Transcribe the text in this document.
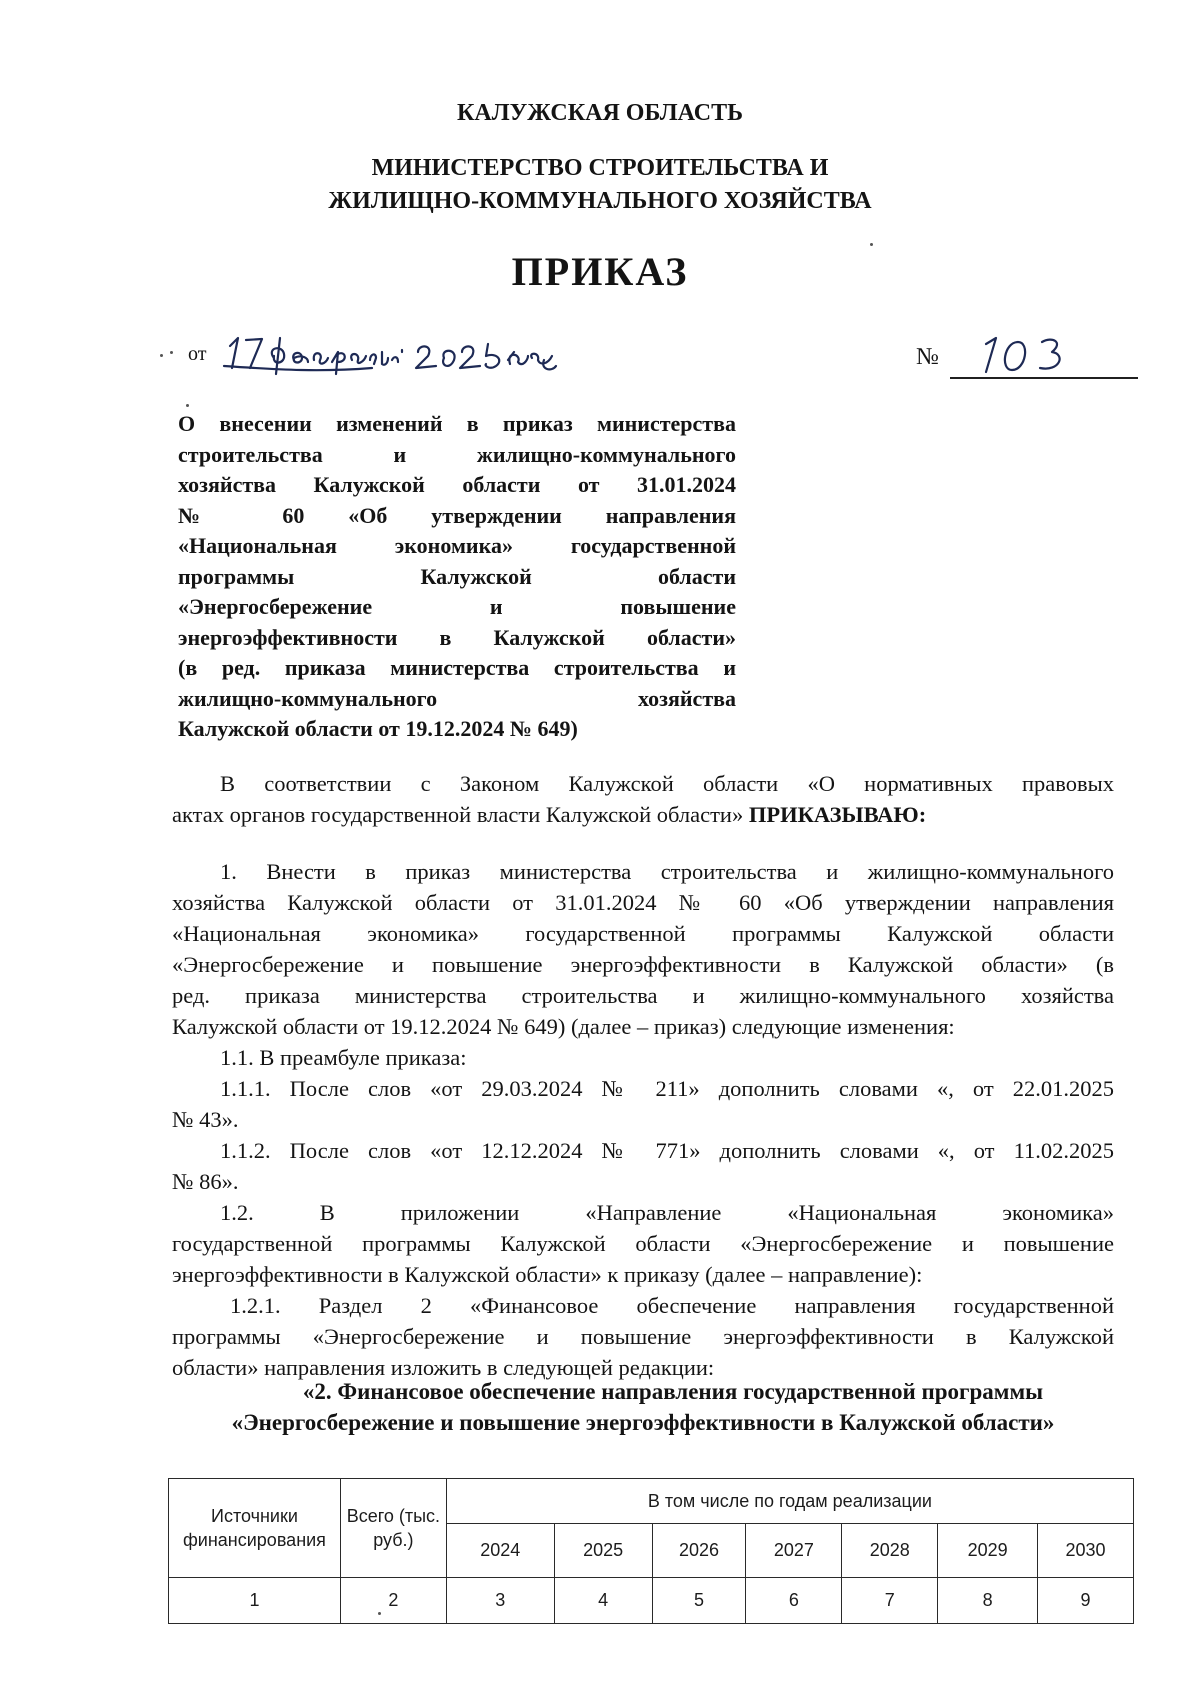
КАЛУЖСКАЯ ОБЛАСТЬ
МИНИСТЕРСТВО СТРОИТЕЛЬСТВА И
ЖИЛИЩНО-КОММУНАЛЬНОГО ХОЗЯЙСТВА
ПРИКАЗ
от	№
О внесении изменений в приказ министерства
строительства и жилищно-коммунального
хозяйства Калужской области от 31.01.2024
№ 60 «Об утверждении направления
«Национальная экономика» государственной
программы Калужской области
«Энергосбережение и повышение
энергоэффективности в Калужской области»
(в ред. приказа министерства строительства и
жилищно-коммунального хозяйства
Калужской области от 19.12.2024 № 649)
В соответствии с Законом Калужской области «О нормативных правовых
актах органов государственной власти Калужской области» ПРИКАЗЫВАЮ:
1. Внести в приказ министерства строительства и жилищно-коммунального
хозяйства Калужской области от 31.01.2024 № 60 «Об утверждении направления
«Национальная экономика» государственной программы Калужской области
«Энергосбережение и повышение энергоэффективности в Калужской области» (в
ред. приказа министерства строительства и жилищно-коммунального хозяйства
Калужской области от 19.12.2024 № 649) (далее – приказ) следующие изменения:
1.1. В преамбуле приказа:
1.1.1. После слов «от 29.03.2024 № 211» дополнить словами «, от 22.01.2025
№ 43».
1.1.2. После слов «от 12.12.2024 № 771» дополнить словами «, от 11.02.2025
№ 86».
1.2. В приложении «Направление «Национальная экономика»
государственной программы Калужской области «Энергосбережение и повышение
энергоэффективности в Калужской области» к приказу (далее – направление):
1.2.1. Раздел 2 «Финансовое обеспечение направления государственной
программы «Энергосбережение и повышение энергоэффективности в Калужской
области» направления изложить в следующей редакции:
«2. Финансовое обеспечение направления государственной программы
«Энергосбережение и повышение энергоэффективности в Калужской области»
Источники финансирования	Всего (тыс. руб.)	В том числе по годам реализации						
		2024	2025	2026	2027	2028	2029	2030
1	2	3	4	5	6	7	8	9
